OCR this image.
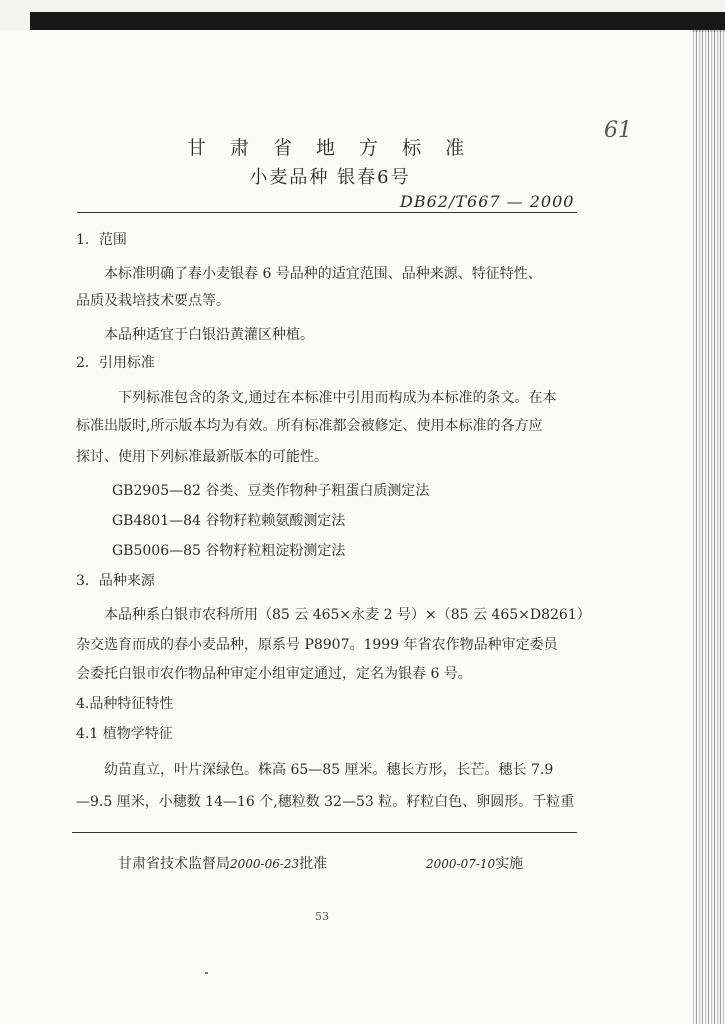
61
甘 肃 省 地 方 标 准
小麦品种 银春6号
DB62/T667 — 2000
1．范围
本标准明确了春小麦银春 6 号品种的适宜范围、品种来源、特征特性、
品质及栽培技术要点等。
本品种适宜于白银沿黄灌区种植。
2．引用标准
下列标准包含的条文,通过在本标准中引用而构成为本标准的条文。在本
标准出版时,所示版本均为有效。所有标准都会被修定、使用本标准的各方应
探讨、使用下列标准最新版本的可能性。
GB2905—82 谷类、豆类作物种子粗蛋白质测定法
GB4801—84 谷物籽粒赖氨酸测定法
GB5006—85 谷物籽粒粗淀粉测定法
3．品种来源
本品种系白银市农科所用（85 云 465×永麦 2 号）×（85 云 465×D8261）
杂交选育而成的春小麦品种，原系号 P8907。1999 年省农作物品种审定委员
会委托白银市农作物品种审定小组审定通过，定名为银春 6 号。
4.品种特征特性
4.1 植物学特征
幼苗直立，叶片深绿色。株高 65—85 厘米。穗长方形，长芒。穗长 7.9
—9.5 厘米，小穗数 14—16 个,穗粒数 32—53 粒。籽粒白色、卵圆形。千粒重
甘肃省技术监督局2000-06-23批准	2000-07-10实施
53
